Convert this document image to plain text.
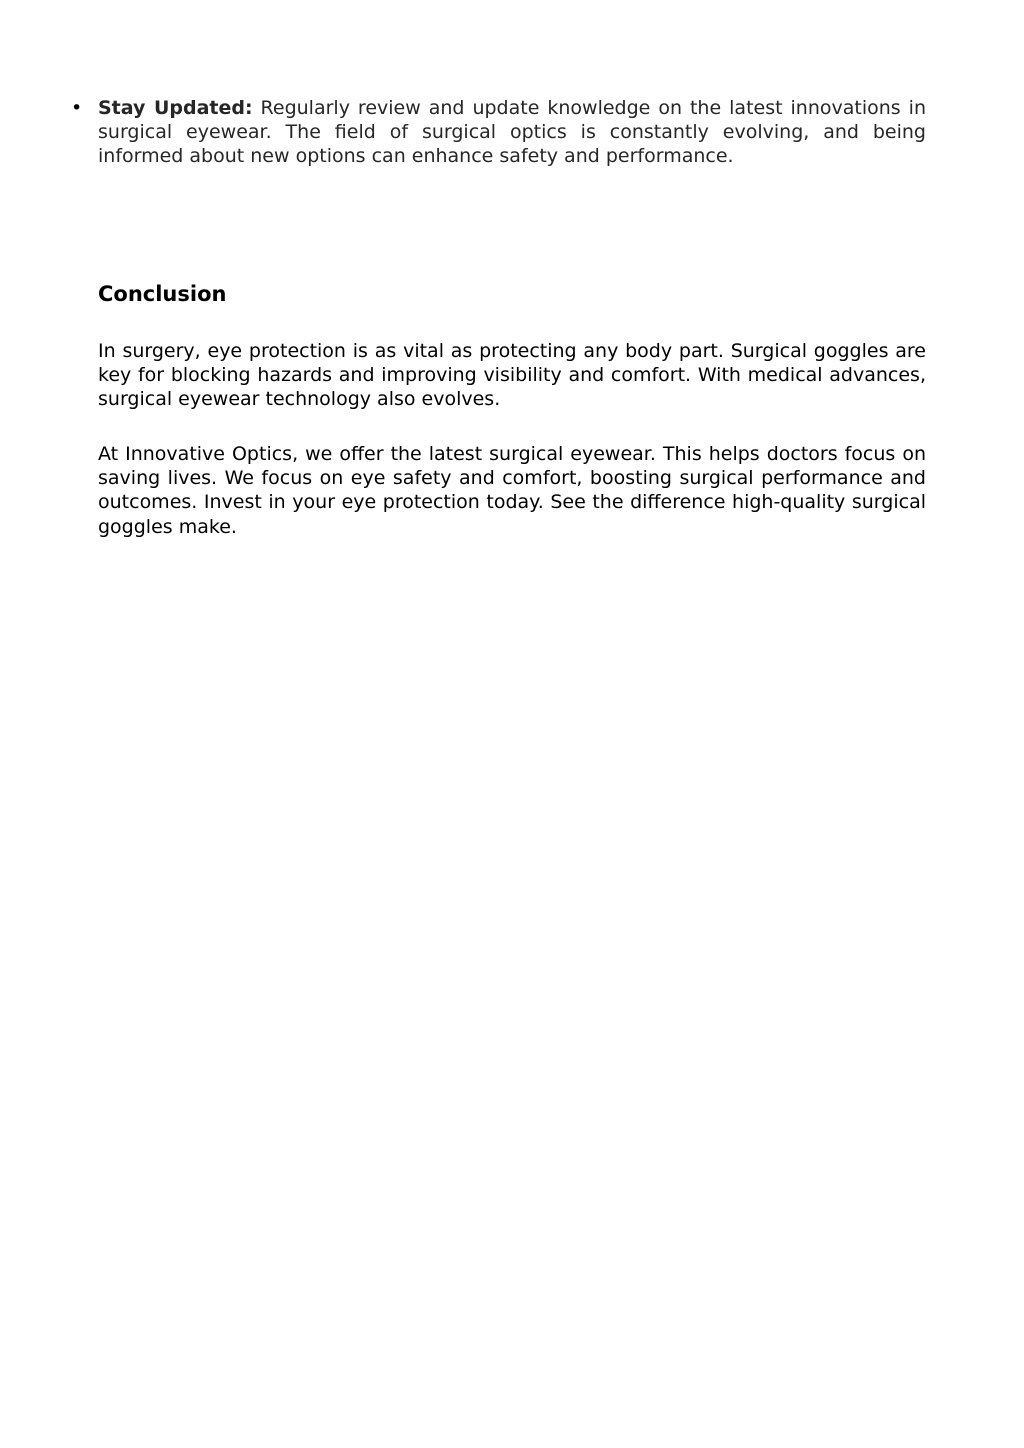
• Stay Updated: Regularly review and update knowledge on the latest innovations in surgical eyewear. The field of surgical optics is constantly evolving, and being informed about new options can enhance safety and performance.
Conclusion

In surgery, eye protection is as vital as protecting any body part. Surgical goggles are key for blocking hazards and improving visibility and comfort. With medical advances, surgical eyewear technology also evolves.

At Innovative Optics, we offer the latest surgical eyewear. This helps doctors focus on saving lives. We focus on eye safety and comfort, boosting surgical performance and outcomes. Invest in your eye protection today. See the difference high-quality surgical goggles make.
